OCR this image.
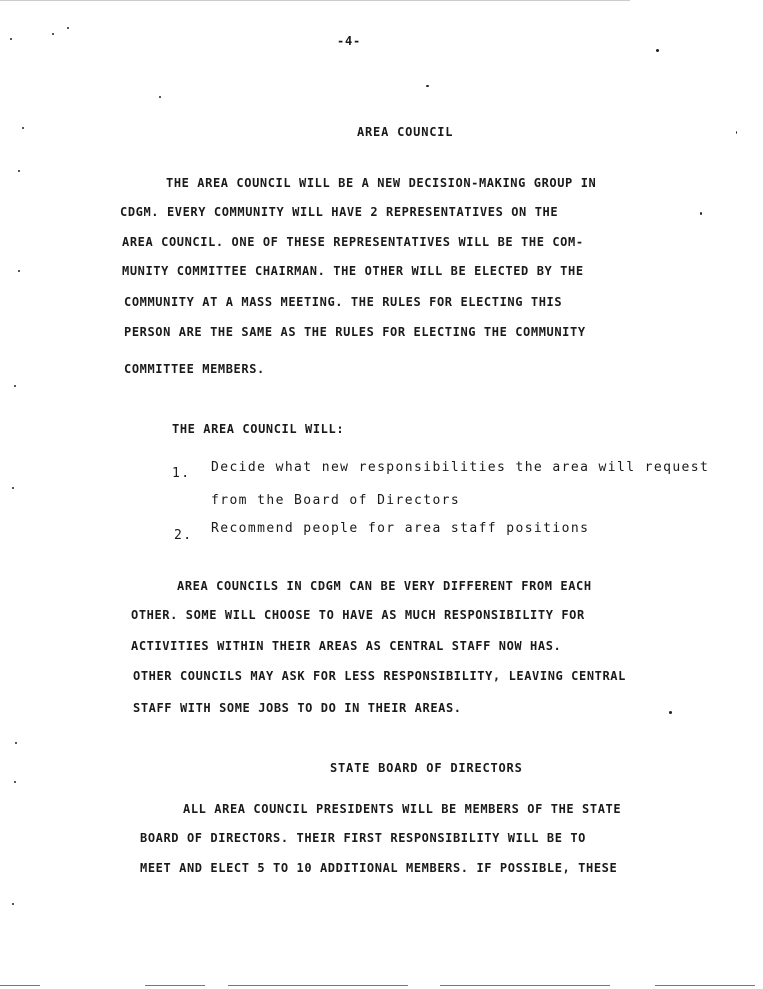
-4-
AREA COUNCIL
THE AREA COUNCIL WILL BE A NEW DECISION-MAKING GROUP IN
CDGM. EVERY COMMUNITY WILL HAVE 2 REPRESENTATIVES ON THE
AREA COUNCIL. ONE OF THESE REPRESENTATIVES WILL BE THE COM-
MUNITY COMMITTEE CHAIRMAN. THE OTHER WILL BE ELECTED BY THE
COMMUNITY AT A MASS MEETING. THE RULES FOR ELECTING THIS
PERSON ARE THE SAME AS THE RULES FOR ELECTING THE COMMUNITY
COMMITTEE MEMBERS.
THE AREA COUNCIL WILL:
1. Decide what new responsibilities the area will request
from the Board of Directors
2. Recommend people for area staff positions
AREA COUNCILS IN CDGM CAN BE VERY DIFFERENT FROM EACH
OTHER. SOME WILL CHOOSE TO HAVE AS MUCH RESPONSIBILITY FOR
ACTIVITIES WITHIN THEIR AREAS AS CENTRAL STAFF NOW HAS.
OTHER COUNCILS MAY ASK FOR LESS RESPONSIBILITY, LEAVING CENTRAL
STAFF WITH SOME JOBS TO DO IN THEIR AREAS.
STATE BOARD OF DIRECTORS
ALL AREA COUNCIL PRESIDENTS WILL BE MEMBERS OF THE STATE
BOARD OF DIRECTORS. THEIR FIRST RESPONSIBILITY WILL BE TO
MEET AND ELECT 5 TO 10 ADDITIONAL MEMBERS. IF POSSIBLE, THESE
